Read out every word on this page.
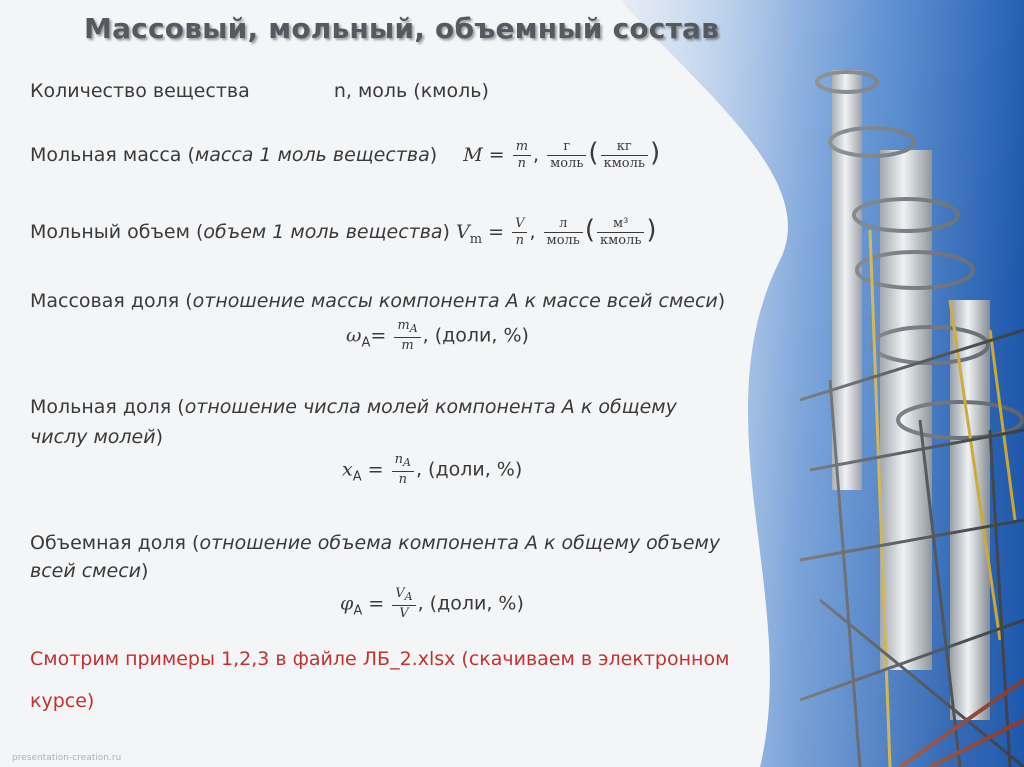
Массовый, мольный, объемный состав
Количество вещества	n, моль (кмоль)
Мольная масса (масса 1 моль вещества) $M = \frac{m}{n}$ , $\frac{г}{\text{моль}}$ ( $\frac{кг}{\text{кмоль}}$ )
Мольный объем (объем 1 моль вещества) $V_m = \frac{V}{n}$ , $\frac{л}{\text{моль}}$ ( $\frac{\text{м³}}{\text{кмоль}}$ )
Массовая доля (отношение массы компонента А к массе всей смеси)
$\omega_A= \frac{m_A}{m}$ , (доли, %)
Мольная доля (отношение числа молей компонента А к общему
числу молей)
$x_A = \frac{n_A}{n}$ , (доли, %)
Объемная доля (отношение объема компонента А к общему объему
всей смеси)
$\varphi_A = \frac{V_A}{V}$ , (доли, %)
Смотрим примеры 1,2,3 в файле ЛБ_2.xlsx (скачиваем в электронном
курсе)
presentation-creation.ru
